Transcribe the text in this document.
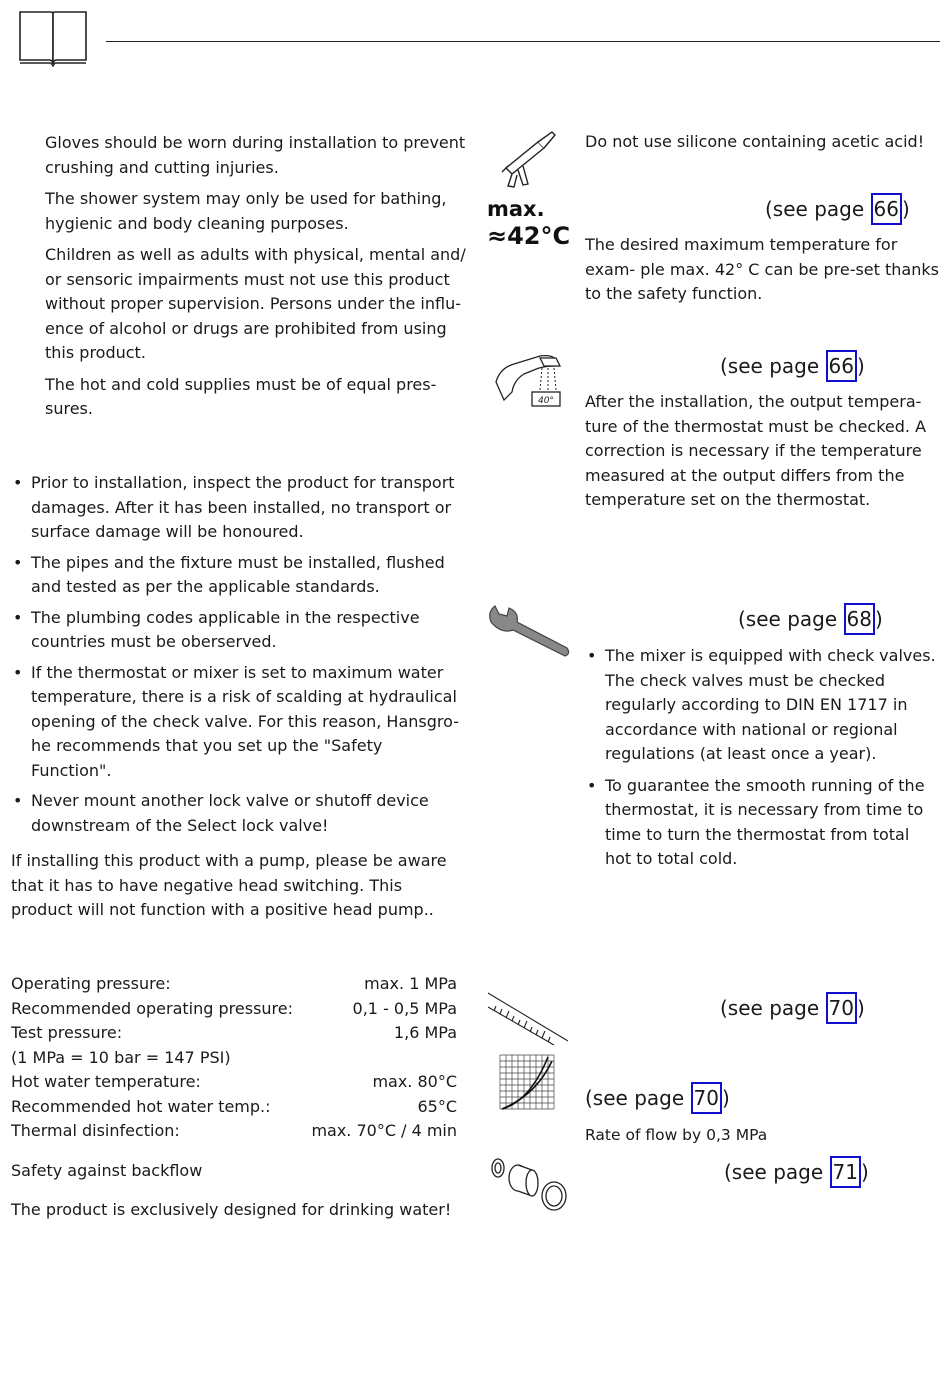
Gloves should be worn during installation to prevent crushing and cutting injuries.

The shower system may only be used for bathing, hygienic and body cleaning purposes.

Children as well as adults with physical, mental and/ or sensoric impairments must not use this product without proper supervision. Persons under the influ- ence of alcohol or drugs are prohibited from using this product.

The hot and cold supplies must be of equal pres- sures.

• Prior to installation, inspect the product for transport damages. After it has been installed, no transport or surface damage will be honoured.
• The pipes and the fixture must be installed, flushed and tested as per the applicable standards.
• The plumbing codes applicable in the respective countries must be oberserved.
• If the thermostat or mixer is set to maximum water temperature, there is a risk of scalding at hydraulical opening of the check valve. For this reason, Hansgro- he recommends that you set up the "Safety Function".
• Never mount another lock valve or shutoff device downstream of the Select lock valve!

If installing this product with a pump, please be aware that it has to have negative head switching. This product will not function with a positive head pump..

Operating pressure:	max. 1 MPa
Recommended operating pressure:	0,1 - 0,5 MPa
Test pressure:	1,6 MPa
(1 MPa = 10 bar = 147 PSI)
Hot water temperature:	max. 80°C
Recommended hot water temp.:	65°C
Thermal disinfection:	max. 70°C / 4 min

Safety against backflow

The product is exclusively designed for drinking water!

Do not use silicone containing acetic acid!

max.
≈42°C
(see page 66 )

The desired maximum temperature for exam- ple max. 42° C can be pre-set thanks to the safety function.

40°
(see page 66 )

After the installation, the output tempera- ture of the thermostat must be checked. A correction is necessary if the temperature measured at the output differs from the temperature set on the thermostat.

(see page 68 )
• The mixer is equipped with check valves. The check valves must be checked regularly according to DIN EN 1717 in accordance with national or regional regulations (at least once a year).
• To guarantee the smooth running of the thermostat, it is necessary from time to time to turn the thermostat from total hot to total cold.
(see page 70 )
(see page 70 )

Rate of flow by 0,3 MPa

(see page 71 )
